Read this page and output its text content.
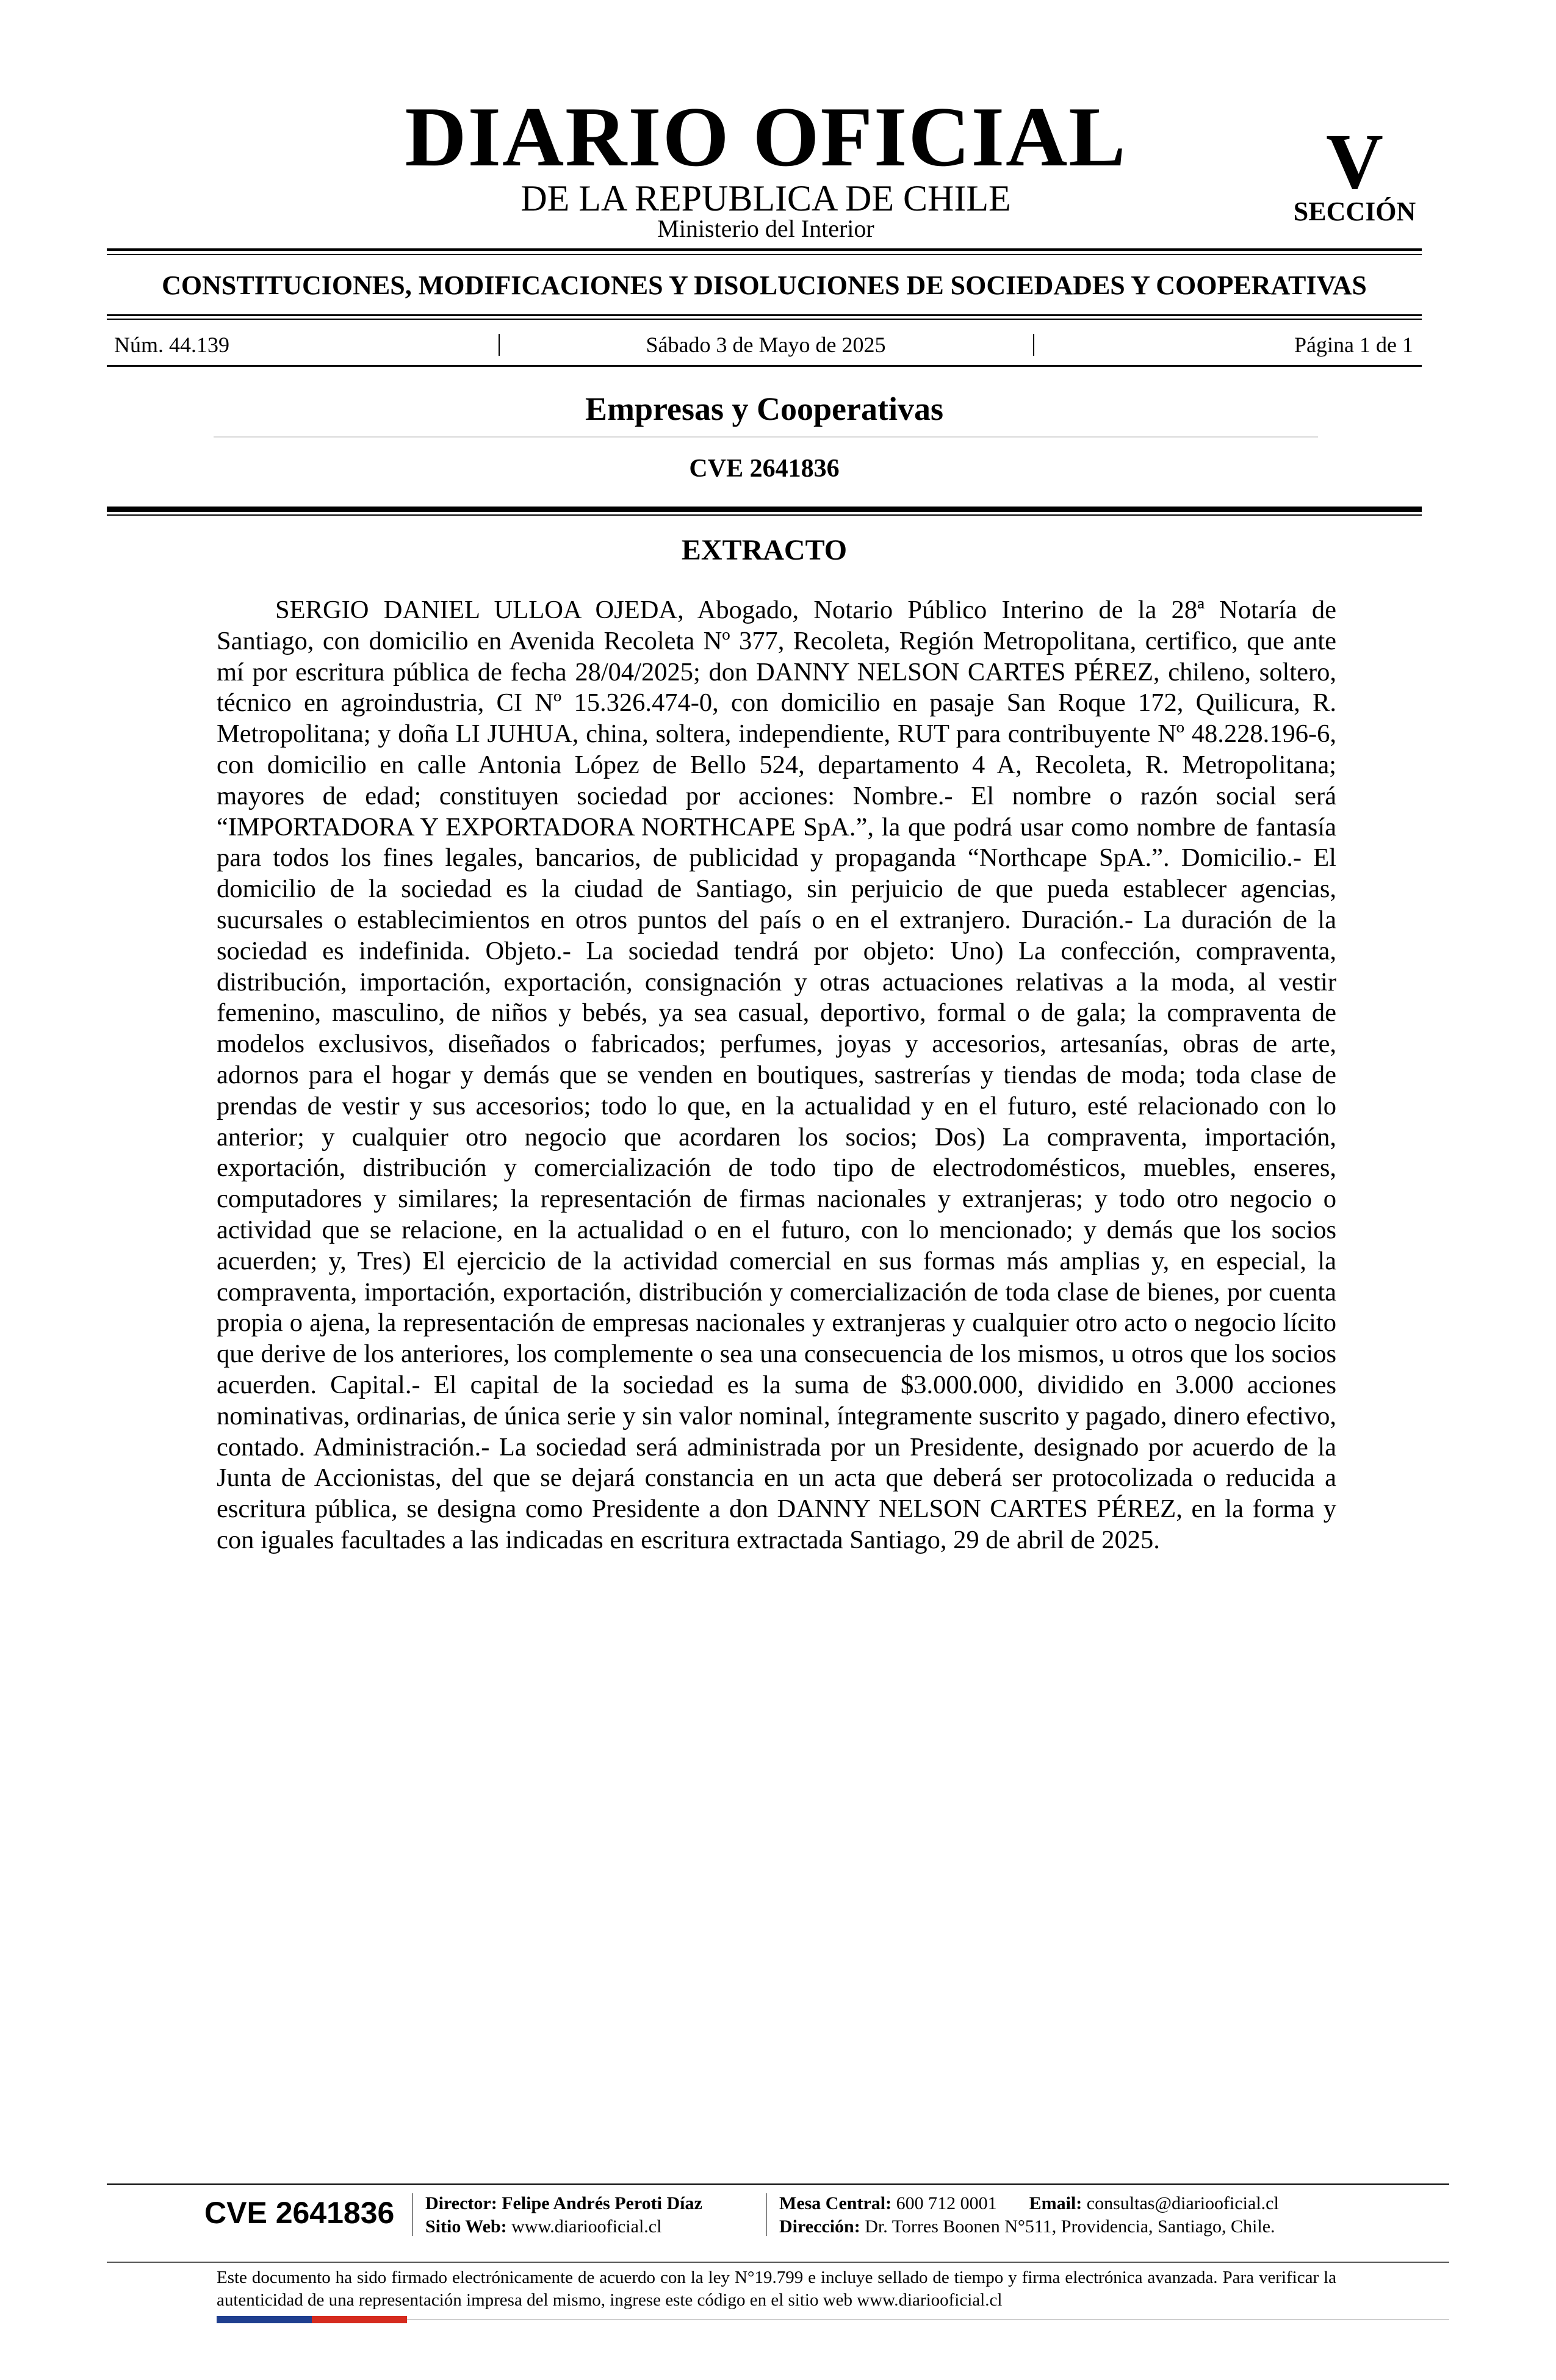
DIARIO OFICIAL
DE LA REPUBLICA DE CHILE
Ministerio del Interior
V
SECCIÓN
CONSTITUCIONES, MODIFICACIONES Y DISOLUCIONES DE SOCIEDADES Y COOPERATIVAS
Núm. 44.139	Sábado 3 de Mayo de 2025	Página 1 de 1
Empresas y Cooperativas
CVE 2641836
EXTRACTO

SERGIO DANIEL ULLOA OJEDA, Abogado, Notario Público Interino de la 28ª Notaría de Santiago, con domicilio en Avenida Recoleta Nº 377, Recoleta, Región Metropolitana, certifico, que ante mí por escritura pública de fecha 28/04/2025; don DANNY NELSON CARTES PÉREZ, chileno, soltero, técnico en agroindustria, CI Nº 15.326.474-0, con domicilio en pasaje San Roque 172, Quilicura, R. Metropolitana; y doña LI JUHUA, china, soltera, independiente, RUT para contribuyente Nº 48.228.196-6, con domicilio en calle Antonia López de Bello 524, departamento 4 A, Recoleta, R. Metropolitana; mayores de edad; constituyen sociedad por acciones: Nombre.- El nombre o razón social será “IMPORTADORA Y EXPORTADORA NORTHCAPE SpA.”, la que podrá usar como nombre de fantasía para todos los fines legales, bancarios, de publicidad y propaganda “Northcape SpA.”. Domicilio.- El domicilio de la sociedad es la ciudad de Santiago, sin perjuicio de que pueda establecer agencias, sucursales o establecimientos en otros puntos del país o en el extranjero. Duración.- La duración de la sociedad es indefinida. Objeto.- La sociedad tendrá por objeto: Uno) La confección, compraventa, distribución, importación, exportación, consignación y otras actuaciones relativas a la moda, al vestir femenino, masculino, de niños y bebés, ya sea casual, deportivo, formal o de gala; la compraventa de modelos exclusivos, diseñados o fabricados; perfumes, joyas y accesorios, artesanías, obras de arte, adornos para el hogar y demás que se venden en boutiques, sastrerías y tiendas de moda; toda clase de prendas de vestir y sus accesorios; todo lo que, en la actualidad y en el futuro, esté relacionado con lo anterior; y cualquier otro negocio que acordaren los socios; Dos) La compraventa, importación, exportación, distribución y comercialización de todo tipo de electrodomésticos, muebles, enseres, computadores y similares; la representación de firmas nacionales y extranjeras; y todo otro negocio o actividad que se relacione, en la actualidad o en el futuro, con lo mencionado; y demás que los socios acuerden; y, Tres) El ejercicio de la actividad comercial en sus formas más amplias y, en especial, la compraventa, importación, exportación, distribución y comercialización de toda clase de bienes, por cuenta propia o ajena, la representación de empresas nacionales y extranjeras y cualquier otro acto o negocio lícito que derive de los anteriores, los complemente o sea una consecuencia de los mismos, u otros que los socios acuerden. Capital.- El capital de la sociedad es la suma de $3.000.000, dividido en 3.000 acciones nominativas, ordinarias, de única serie y sin valor nominal, íntegramente suscrito y pagado, dinero efectivo, contado. Administración.- La sociedad será administrada por un Presidente, designado por acuerdo de la Junta de Accionistas, del que se dejará constancia en un acta que deberá ser protocolizada o reducida a escritura pública, se designa como Presidente a don DANNY NELSON CARTES PÉREZ, en la forma y con iguales facultades a las indicadas en escritura extractada Santiago, 29 de abril de 2025.

CVE 2641836 Director: Felipe Andrés Peroti Díaz
Sitio Web: www.diariooficial.cl
Mesa Central: 600 712 0001 Email: consultas@diariooficial.cl
Dirección: Dr. Torres Boonen N°511, Providencia, Santiago, Chile.

Este documento ha sido firmado electrónicamente de acuerdo con la ley N°19.799 e incluye sellado de tiempo y firma electrónica avanzada. Para verificar la autenticidad de una representación impresa del mismo, ingrese este código en el sitio web www.diariooficial.cl
